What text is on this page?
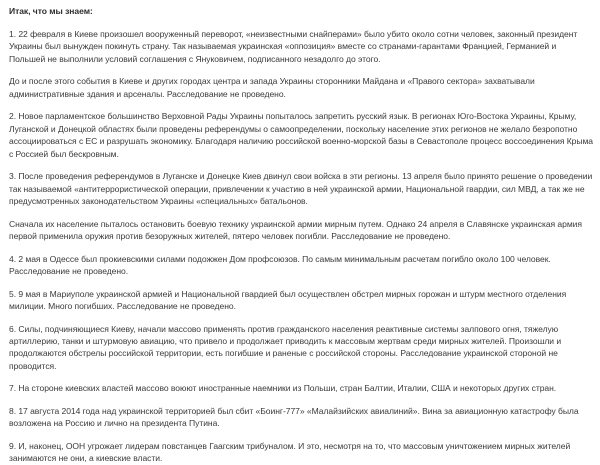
Итак, что мы знаем:
1. 22 февраля в Киеве произошел вооруженный переворот, «неизвестными снайперами» было убито около сотни человек, законный президент Украины был вынужден покинуть страну. Так называемая украинская «оппозиция» вместе со странами-гарантами Францией, Германией и Польшей не выполнили условий соглашения с Януковичем, подписанного незадолго до этого.
До и после этого события в Киеве и других городах центра и запада Украины сторонники Майдана и «Правого сектора» захватывали административные здания и арсеналы. Расследование не проведено.
2. Новое парламентское большинство Верховной Рады Украины попыталось запретить русский язык. В регионах Юго-Востока Украины, Крыму, Луганской и Донецкой областях были проведены референдумы о самоопределении, поскольку население этих регионов не желало безропотно ассоциироваться с ЕС и разрушать экономику. Благодаря наличию российской военно-морской базы в Севастополе процесс воссоединения Крыма с Россией был бескровным.
3. После проведения референдумов в Луганске и Донецке Киев двинул свои войска в эти регионы. 13 апреля было принято решение о проведении так называемой «антитеррористической операции, привлечении к участию в ней украинской армии, Национальной гвардии, сил МВД, а так же не предусмотренных законодательством Украины «специальных» батальонов.
Сначала их население пыталось остановить боевую технику украинской армии мирным путем. Однако 24 апреля в Славянске украинская армия первой применила оружия против безоружных жителей, пятеро человек погибли. Расследование не проведено.
4. 2 мая в Одессе был прокиевскими силами подожжен Дом профсоюзов. По самым минимальным расчетам погибло около 100 человек. Расследование не проведено.
5. 9 мая в Мариуполе украинской армией и Национальной гвардией был осуществлен обстрел мирных горожан и штурм местного отделения милиции. Много погибших. Расследование не проведено.
6. Силы, подчиняющиеся Киеву, начали массово применять против гражданского населения реактивные системы залпового огня, тяжелую артиллерию, танки и штурмовую авиацию, что привело и продолжает приводить к массовым жертвам среди мирных жителей. Произошли и продолжаются обстрелы российской территории, есть погибшие и раненые с российской стороны. Расследование украинской стороной не проводится.
7. На стороне киевских властей массово воюют иностранные наемники из Польши, стран Балтии, Италии, США и некоторых других стран.
8. 17 августа 2014 года над украинской территорией был сбит «Боинг-777» «Малайзийских авиалиний». Вина за авиационную катастрофу была возложена на Россию и лично на президента Путина.
9. И, наконец, ООН угрожает лидерам повстанцев Гаагским трибуналом. И это, несмотря на то, что массовым уничтожением мирных жителей занимаются не они, а киевские власти.
